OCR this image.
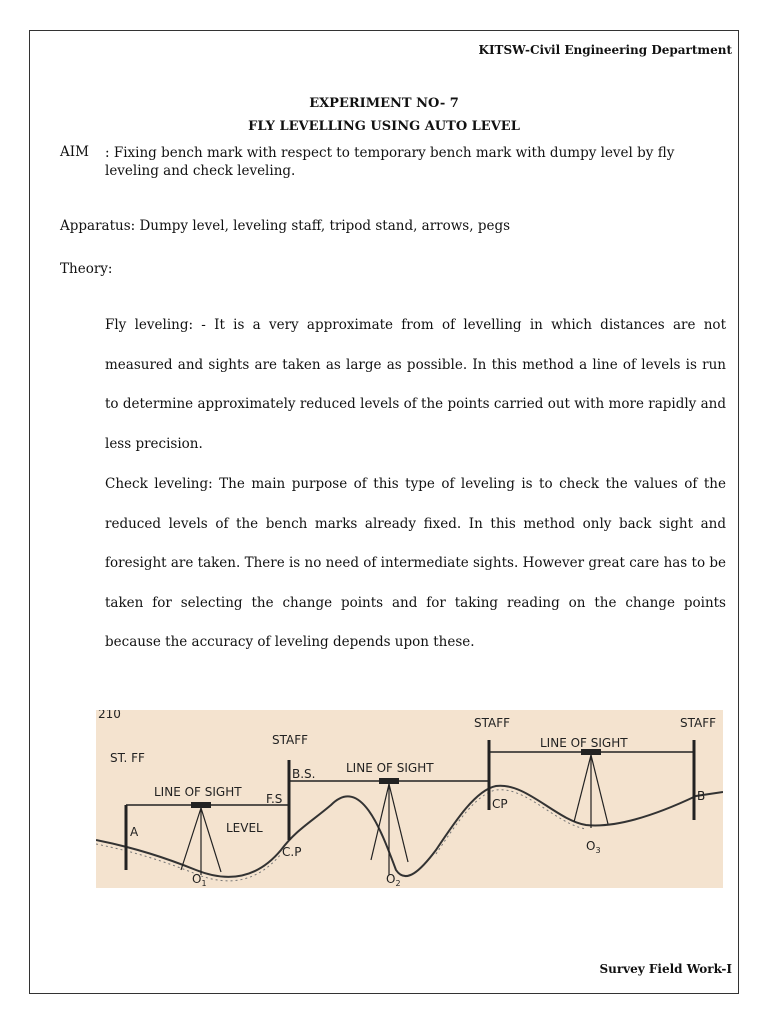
KITSW-Civil Engineering Department
EXPERIMENT NO- 7
FLY LEVELLING USING AUTO LEVEL
AIM : Fixing bench mark with respect to temporary bench mark with dumpy level by fly leveling and check leveling.
Apparatus: Dumpy level, leveling staff, tripod stand, arrows, pegs
Theory:
Fly leveling: - It is a very approximate from of levelling in which distances are not measured and sights are taken as large as possible. In this method a line of levels is run to determine approximately reduced levels of the points carried out with more rapidly and less precision.
Check leveling: The main purpose of this type of leveling is to check the values of the reduced levels of the bench marks already fixed. In this method only back sight and foresight are taken. There is no need of intermediate sights. However great care has to be taken for selecting the change points and for taking reading on the change points because the accuracy of leveling depends upon these.
210
ST. FF
STAFF
STAFF	STAFF
LINE OF SIGHT
LINE OF SIGHT
LINE OF SIGHT
F.S
B.S.
LEVEL
C.P
CP
A
B
$O_1$	$O_2$
$O_3$
Survey Field Work-I
